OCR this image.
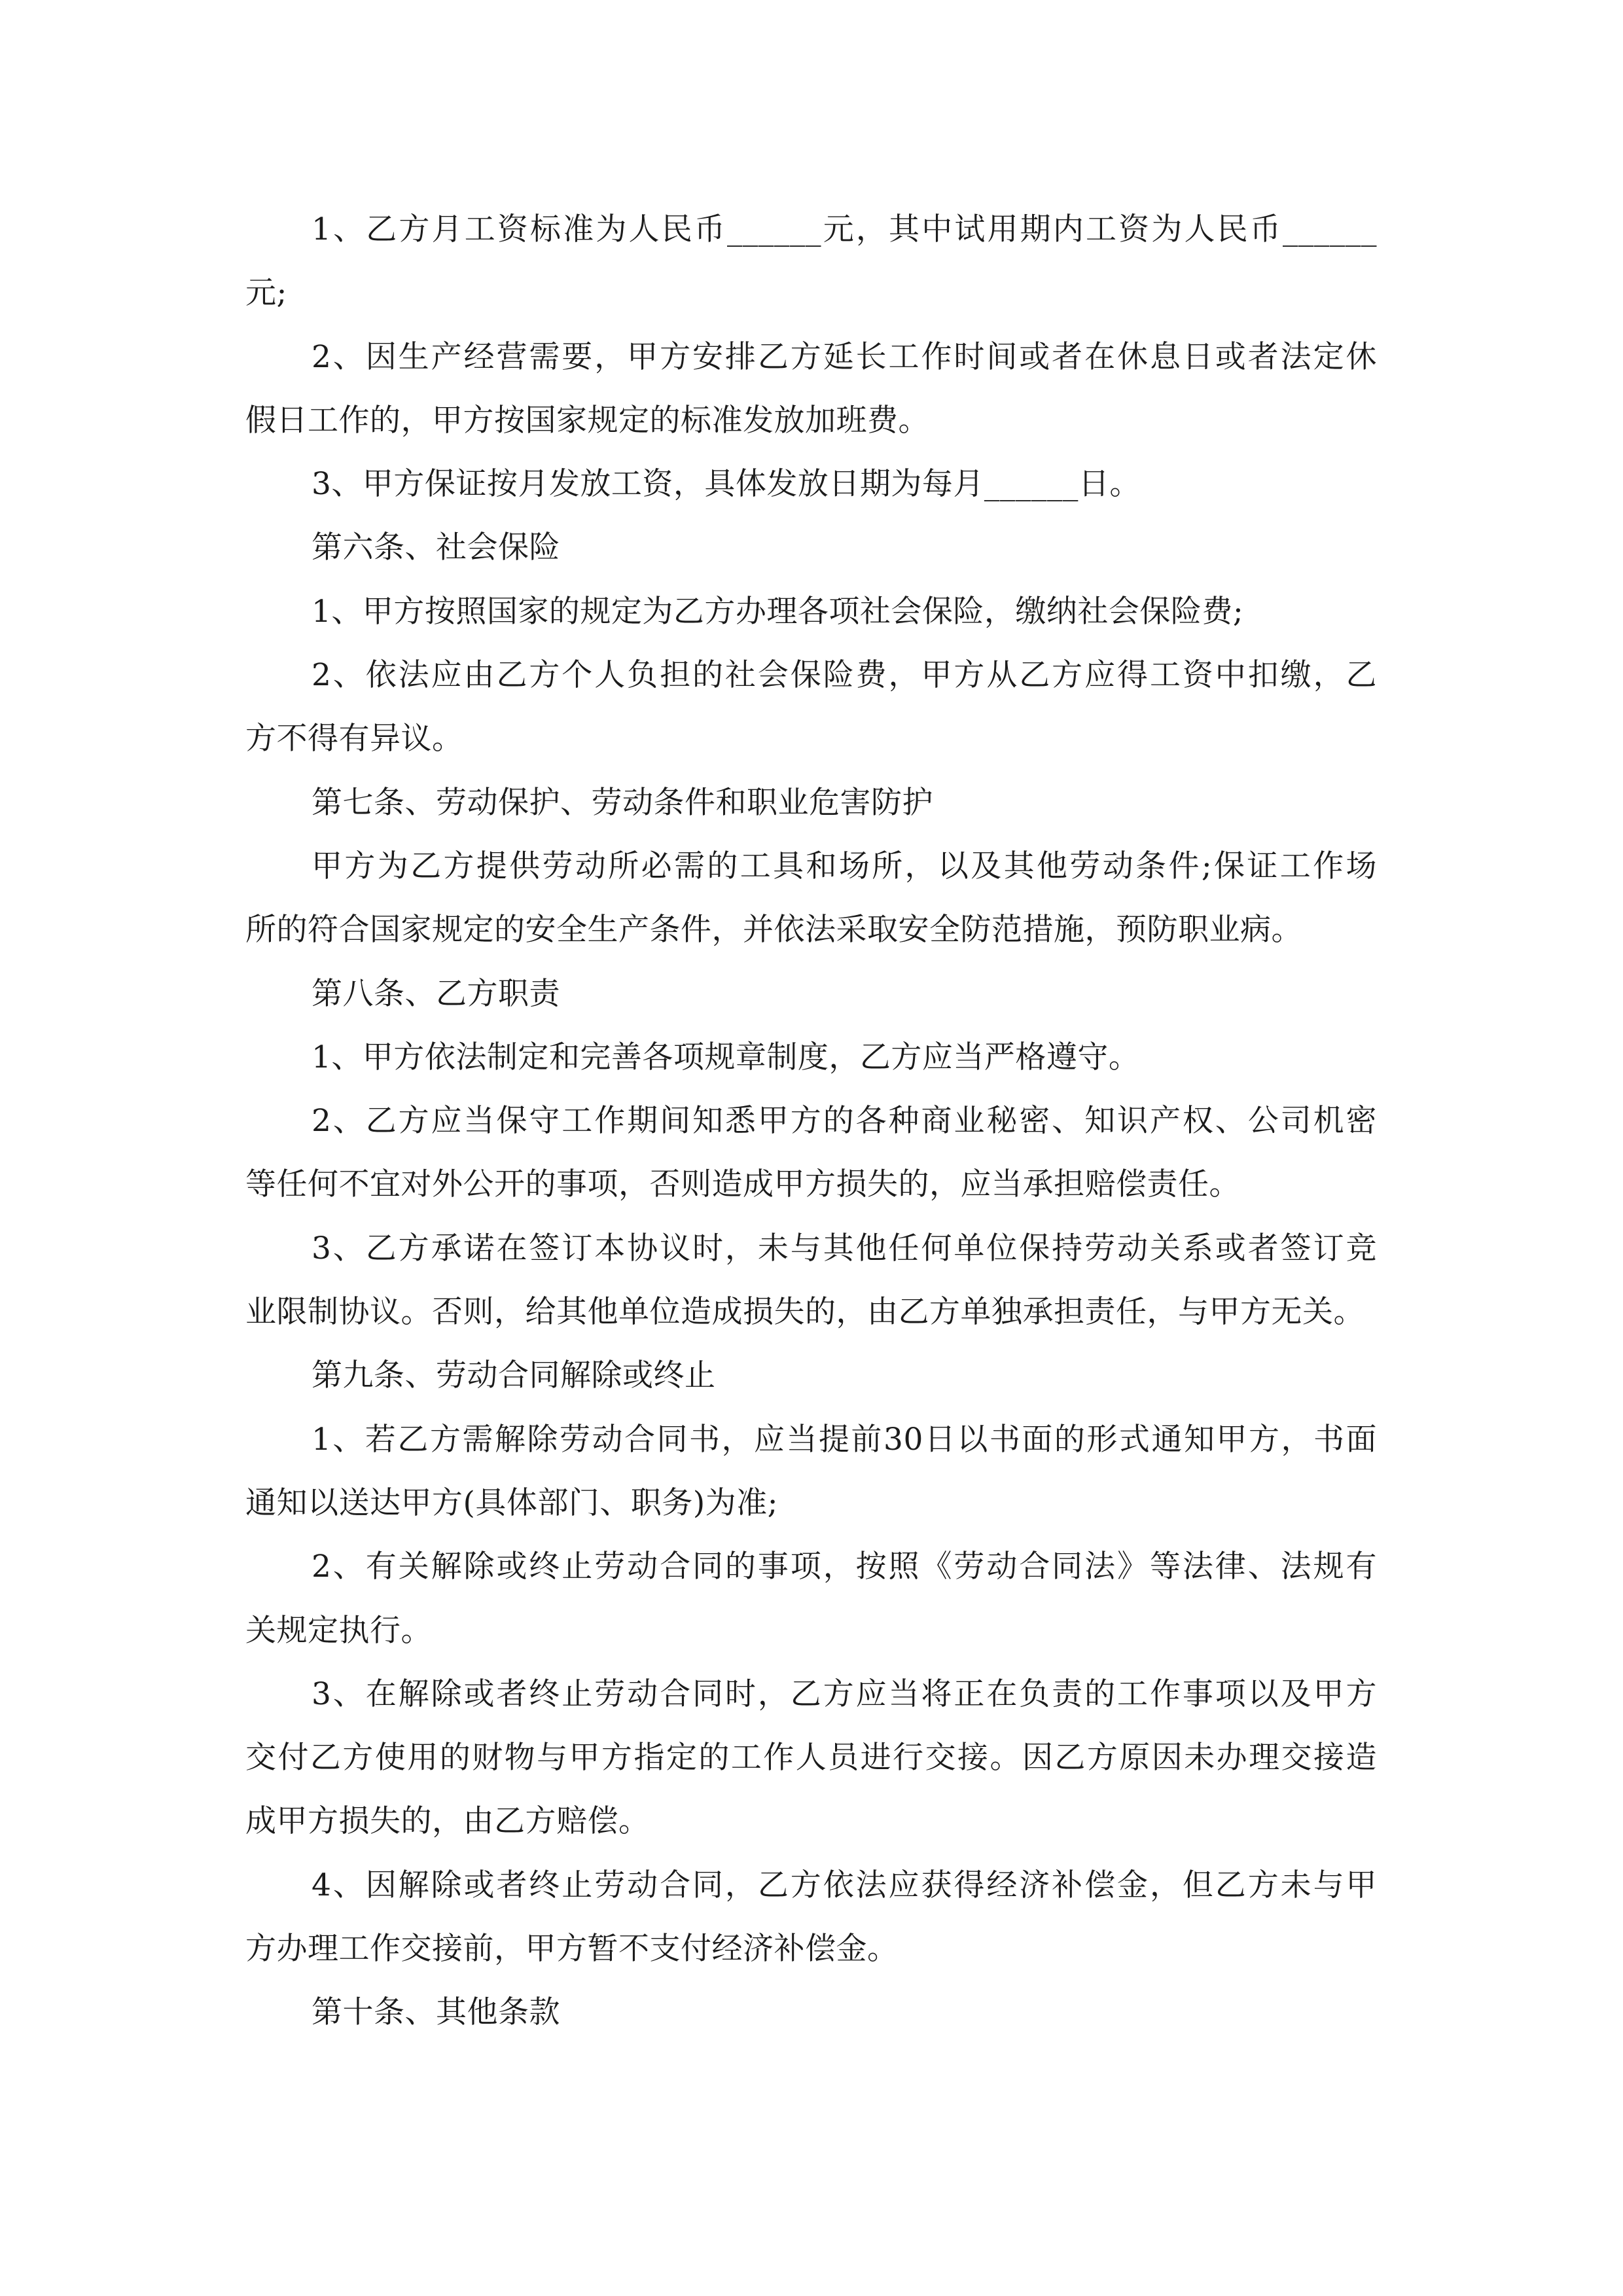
1、乙方月工资标准为人民币______元，其中试用期内工资为人民币______
元;
2、因生产经营需要，甲方安排乙方延长工作时间或者在休息日或者法定休
假日工作的，甲方按国家规定的标准发放加班费。
3、甲方保证按月发放工资，具体发放日期为每月______日。
第六条、社会保险
1、甲方按照国家的规定为乙方办理各项社会保险，缴纳社会保险费;
2、依法应由乙方个人负担的社会保险费，甲方从乙方应得工资中扣缴，乙
方不得有异议。
第七条、劳动保护、劳动条件和职业危害防护
甲方为乙方提供劳动所必需的工具和场所，以及其他劳动条件;保证工作场
所的符合国家规定的安全生产条件，并依法采取安全防范措施，预防职业病。
第八条、乙方职责
1、甲方依法制定和完善各项规章制度，乙方应当严格遵守。
2、乙方应当保守工作期间知悉甲方的各种商业秘密、知识产权、公司机密
等任何不宜对外公开的事项，否则造成甲方损失的，应当承担赔偿责任。
3、乙方承诺在签订本协议时，未与其他任何单位保持劳动关系或者签订竞
业限制协议。否则，给其他单位造成损失的，由乙方单独承担责任，与甲方无关。
第九条、劳动合同解除或终止
1、若乙方需解除劳动合同书，应当提前30日以书面的形式通知甲方，书面
通知以送达甲方(具体部门、职务)为准;
2、有关解除或终止劳动合同的事项，按照《劳动合同法》等法律、法规有
关规定执行。
3、在解除或者终止劳动合同时，乙方应当将正在负责的工作事项以及甲方
交付乙方使用的财物与甲方指定的工作人员进行交接。因乙方原因未办理交接造
成甲方损失的，由乙方赔偿。
4、因解除或者终止劳动合同，乙方依法应获得经济补偿金，但乙方未与甲
方办理工作交接前，甲方暂不支付经济补偿金。
第十条、其他条款
